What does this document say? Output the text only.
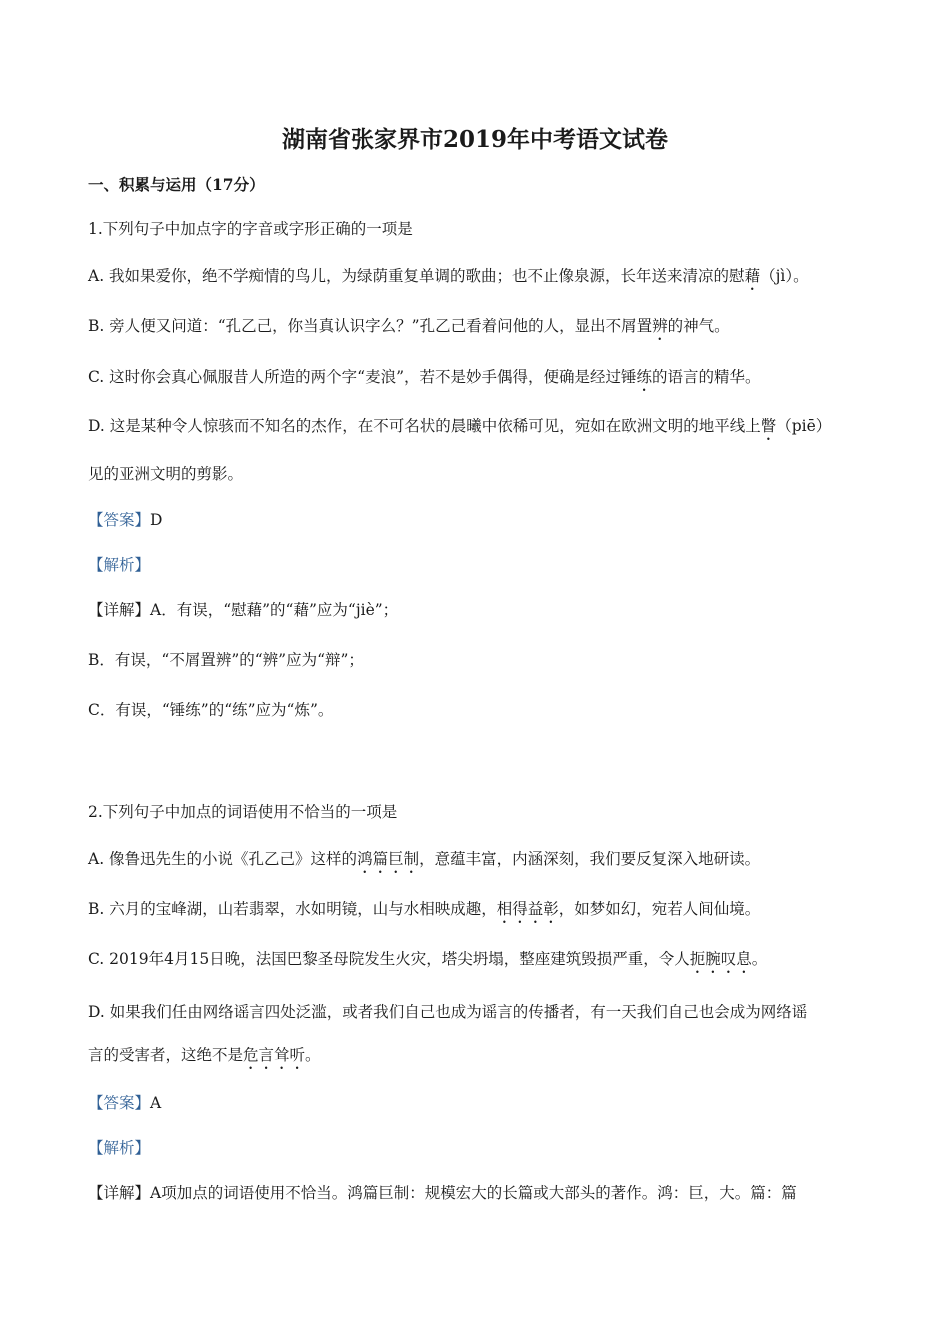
湖南省张家界市2019年中考语文试卷
一、积累与运用（17分）
1.下列句子中加点字的字音或字形正确的一项是
A. 我如果爱你，绝不学痴情的鸟儿，为绿荫重复单调的歌曲；也不止像泉源，长年送来清凉的慰藉（jì）。
B. 旁人便又问道：“孔乙己，你当真认识字么？”孔乙己看着问他的人，显出不屑置辨的神气。
C. 这时你会真心佩服昔人所造的两个字“麦浪”，若不是妙手偶得，便确是经过锤练的语言的精华。
D. 这是某种令人惊骇而不知名的杰作，在不可名状的晨曦中依稀可见，宛如在欧洲文明的地平线上瞥（piē）
见的亚洲文明的剪影。
【答案】D
【解析】
【详解】A．有误，“慰藉”的“藉”应为“jiè”；
B．有误，“不屑置辨”的“辨”应为“辩”；
C．有误，“锤练”的“练”应为“炼”。
2.下列句子中加点的词语使用不恰当的一项是
A. 像鲁迅先生的小说《孔乙己》这样的鸿篇巨制，意蕴丰富，内涵深刻，我们要反复深入地研读。
B. 六月的宝峰湖，山若翡翠，水如明镜，山与水相映成趣，相得益彰，如梦如幻，宛若人间仙境。
C. 2019年4月15日晚，法国巴黎圣母院发生火灾，塔尖坍塌，整座建筑毁损严重，令人扼腕叹息。
D. 如果我们任由网络谣言四处泛滥，或者我们自己也成为谣言的传播者，有一天我们自己也会成为网络谣
言的受害者，这绝不是危言耸听。
【答案】A
【解析】
【详解】A项加点的词语使用不恰当。鸿篇巨制：规模宏大的长篇或大部头的著作。鸿：巨，大。篇：篇
